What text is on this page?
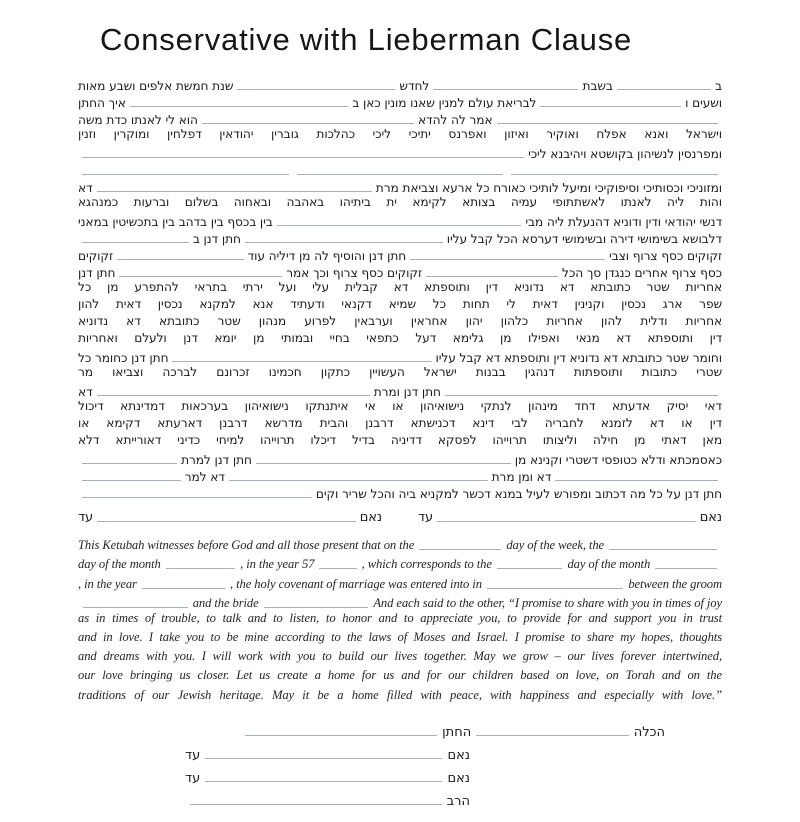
Conservative with Lieberman Clause
ב
בשבת
לחדש
שנת חמשת אלפים ושבע מאות
ושעים ו
לבריאת עולם למנין שאנו מונין כאן ב
איך החתן
אמר לה להדא
הוא לי לאנתו כדת משה
וישראל ואנא אפלח ואוקיר ואיזון ואפרנס יתיכי ליכי כהלכות גוברין יהודאין דפלחין ומוקרין וזנין
ומפרנסין לנשיהון בקושטא ויהיבנא ליכי
ומזוניכי וכסותיכי וסיפוקיכי ומיעל לותיכי כאורח כל ארעא וצביאת מרת
דא
והות ליה לאנתו לאשתתופי עמיה בצותא לקימא ית ביתיהו באהבה ובאחוה בשלום וברעות כמנהגא
דנשי יהודאי ודין ודוניא דהנעלת ליה מבי
בין בכסף בין בדהב בין בתכשיטין במאני
דלבושא בשימושי דירה ובשימושי דערסא הכל קבל עליו
חתן דנן ב
זקוקים כסף צרוף וצבי
חתן דנן והוסיף לה מן דיליה עוד
זקוקים
כסף צרוף אחרים כנגדן סך הכל
זקוקים כסף צרוף וכך אמר
חתן דנן
אחריות שטר כתובתא דא נדוניא דין ותוספתא דא קבלית עלי ועל ירתי בתראי להתפרע מן כל
שפר ארג נכסין וקנינין דאית לי תחות כל שמיא דקנאי ודעתיד אנא למקנא נכסין דאית להון
אחריות ודלית להון אחריות כלהון יהון אחראין וערבאין לפרוע מנהון שטר כתובתא דא נדוניא
דין ותוספתא דא מנאי ואפילו מן גלימא דעל כתפאי בחיי ובמותי מן יומא דנן ולעלם ואחריות
וחומר שטר כתובתא דא נדוניא דין ותוספתא דא קבל עליו
חתן דנן כחומר כל
שטרי כתובות ותוספתות דנהגין בבנות ישראל העשויין כתקון חכמינו זכרונם לברכה וצביאו מר
חתן דנן ומרת
דא
דאי יסיק אדעתא דחד מינהון לנתקי נישואיהון או אי איתנתקו נישואיהון בערכאות דמדינתא דיכול
דין או דא לזמנא לחבריה לבי דינא דכנישתא דרבנן והבית מדרשא דרבנן דארעתא דקימא או
מאן דאתי מן חילה וליצותו תרוייהו לפסקא דדיניה בדיל דיכלו תרוייהו למיחי כדיני דאורייתא דלא
כאסמכתא ודלא כטופסי דשטרי וקנינא מן
חתן דנן למרת
דא ומן מרת
דא למר
חתן דנן על כל מה דכתוב ומפורש לעיל במנא דכשר למקניא ביה והכל שריר וקים
נאם
עד
נאם
עד
This Ketubah witnesses before God and all those present that on the	day of the week, the
day of the month	, in the year 57	, which corresponds to the	day of the month
, in the year	, the holy covenant of marriage was entered into in	between the groom
and the bride	And each said to the other, “I promise to share with you in times of joy
as in times of trouble, to talk and to listen, to honor and to appreciate you, to provide for and support you in trust
and in love. I take you to be mine according to the laws of Moses and Israel. I promise to share my hopes, thoughts
and dreams with you. I will work with you to build our lives together. May we grow – our lives forever intertwined,
our love bringing us closer. Let us create a home for us and for our children based on love, on Torah and on the
traditions of our Jewish heritage. May it be a home filled with peace, with happiness and especially with love.”
הכלה
החתן
נאם
עד
נאם
עד
הרב
